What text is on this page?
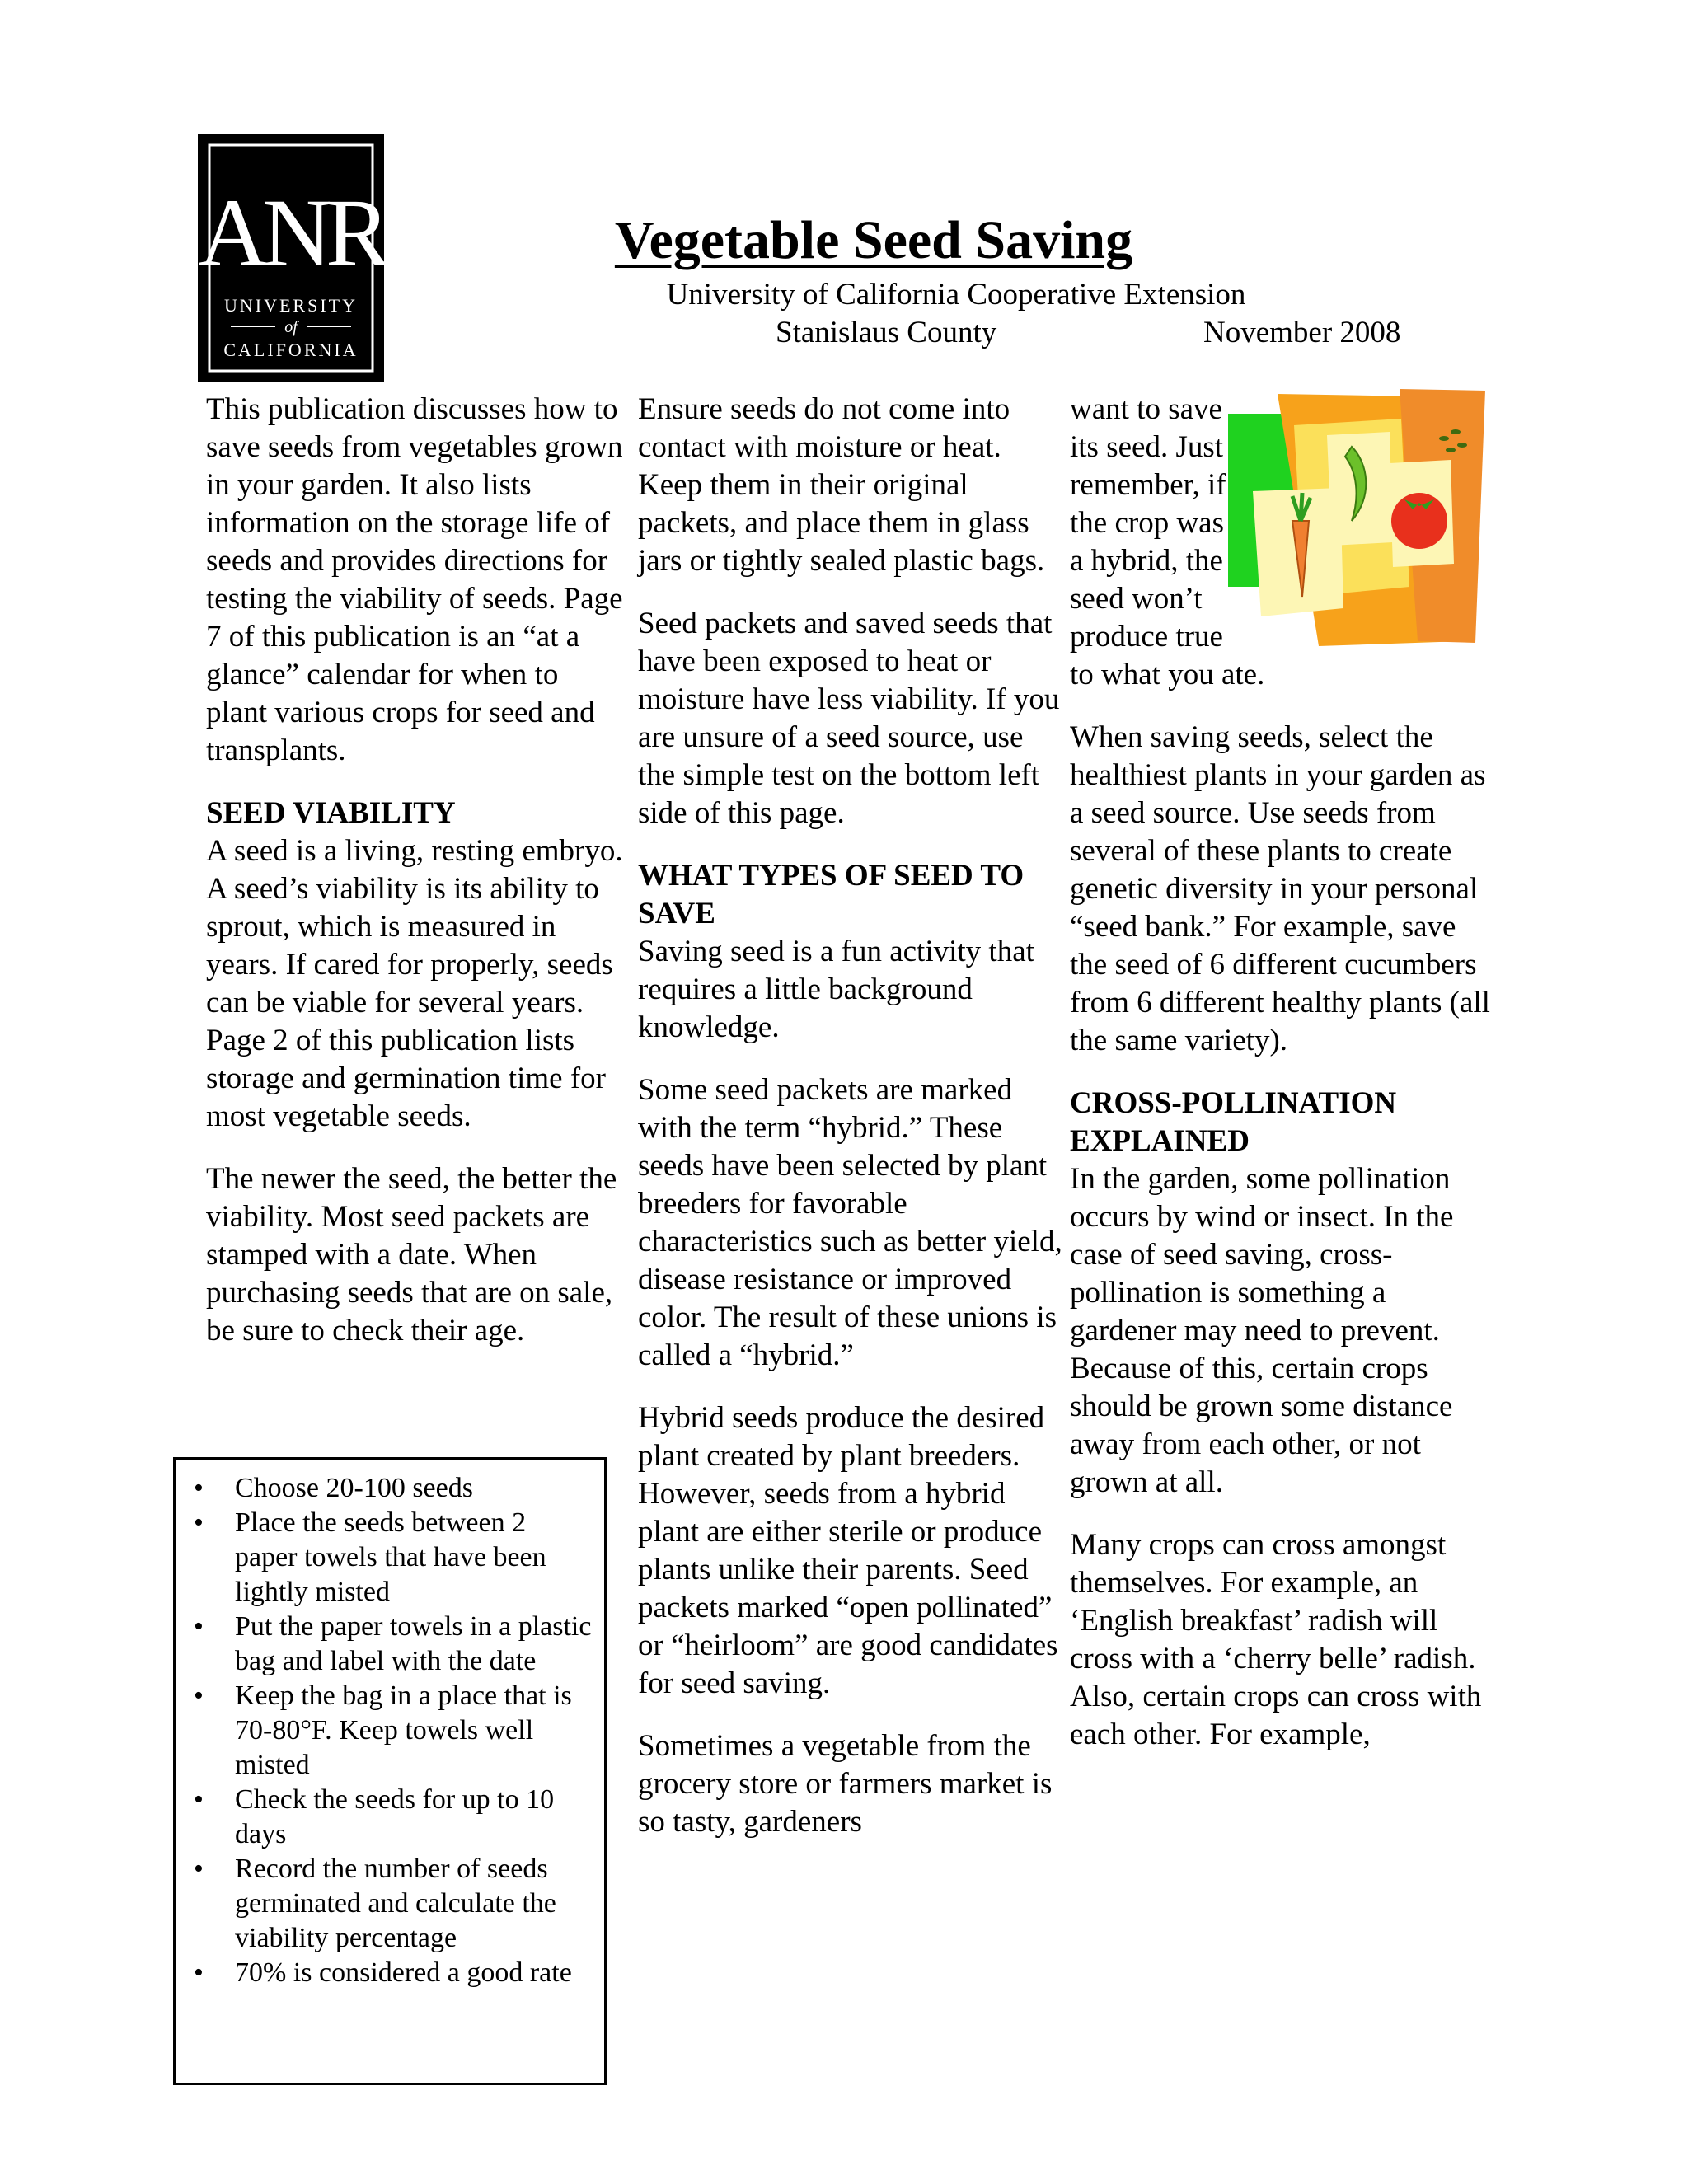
ANR
UNIVERSITY
of
CALIFORNIA
Vegetable Seed Saving
University of California Cooperative Extension
Stanislaus County	November 2008

This publication discusses how to save seeds from vegetables grown in your garden. It also lists information on the storage life of seeds and provides directions for testing the viability of seeds. Page 7 of this publication is an “at a glance” calendar for when to plant various crops for seed and transplants.

SEED VIABILITY

A seed is a living, resting embryo. A seed’s viability is its ability to sprout, which is measured in years. If cared for properly, seeds can be viable for several years. Page 2 of this publication lists storage and germination time for most vegetable seeds.

The newer the seed, the better the viability. Most seed packets are stamped with a date. When purchasing seeds that are on sale, be sure to check their age.

• Choose 20-100 seeds
• Place the seeds between 2 paper towels that have been lightly misted
• Put the paper towels in a plastic bag and label with the date
• Keep the bag in a place that is 70-80°F. Keep towels well misted
• Check the seeds for up to 10 days
• Record the number of seeds germinated and calculate the viability percentage
• 70% is considered a good rate

Ensure seeds do not come into contact with moisture or heat. Keep them in their original packets, and place them in glass jars or tightly sealed plastic bags.

Seed packets and saved seeds that have been exposed to heat or moisture have less viability. If you are unsure of a seed source, use the simple test on the bottom left side of this page.

WHAT TYPES OF SEED TO SAVE

Saving seed is a fun activity that requires a little background knowledge.

Some seed packets are marked with the term “hybrid.” These seeds have been selected by plant breeders for favorable characteristics such as better yield, disease resistance or improved color. The result of these unions is called a “hybrid.”

Hybrid seeds produce the desired plant created by plant breeders. However, seeds from a hybrid plant are either sterile or produce plants unlike their parents. Seed packets marked “open pollinated” or “heirloom” are good candidates for seed saving.

Sometimes a vegetable from the grocery store or farmers market is so tasty, gardeners

want to save its seed. Just remember, if the crop was a hybrid, the seed won’t produce true to what you ate.

When saving seeds, select the healthiest plants in your garden as a seed source. Use seeds from several of these plants to create genetic diversity in your personal “seed bank.” For example, save the seed of 6 different cucumbers from 6 different healthy plants (all the same variety).

CROSS-POLLINATION EXPLAINED

In the garden, some pollination occurs by wind or insect. In the case of seed saving, cross-pollination is something a gardener may need to prevent. Because of this, certain crops should be grown some distance away from each other, or not grown at all.

Many crops can cross amongst themselves. For example, an ‘English breakfast’ radish will cross with a ‘cherry belle’ radish. Also, certain crops can cross with each other. For example,
